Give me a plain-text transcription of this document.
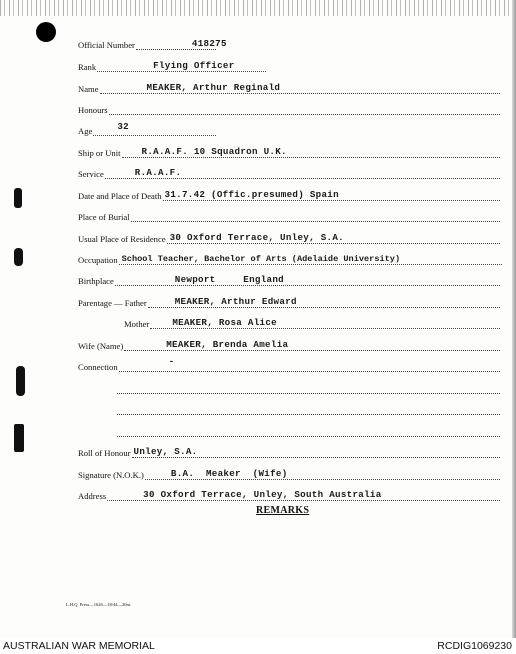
Official Number	418275
Rank	Flying Officer
Name	MEAKER, Arthur Reginald
Honours
Age	32
Ship or Unit R.A.A.F. 10 Squadron U.K.
Service	R.A.A.F.
Date and Place of Death 31.7.42 (Offic.presumed) Spain
Place of Burial
Usual Place of Residence 30 Oxford Terrace, Unley, S.A.
Occupation School Teacher, Bachelor of Arts (Adelaide University)
Birthplace	Newport England
Parentage — Father	MEAKER, Arthur Edward
Mother	MEAKER, Rosa Alice
Wife (Name)	MEAKER, Brenda Amelia
Connection	-
Roll of Honour Unley, S.A.
Signature (N.O.K.)	B.A. Meaker (Wife)
Address	30 Oxford Terrace, Unley, South Australia
REMARKS
L.H.Q. Press—1626—18/44—20m.
AUSTRALIAN WAR MEMORIAL	RCDIG1069230
